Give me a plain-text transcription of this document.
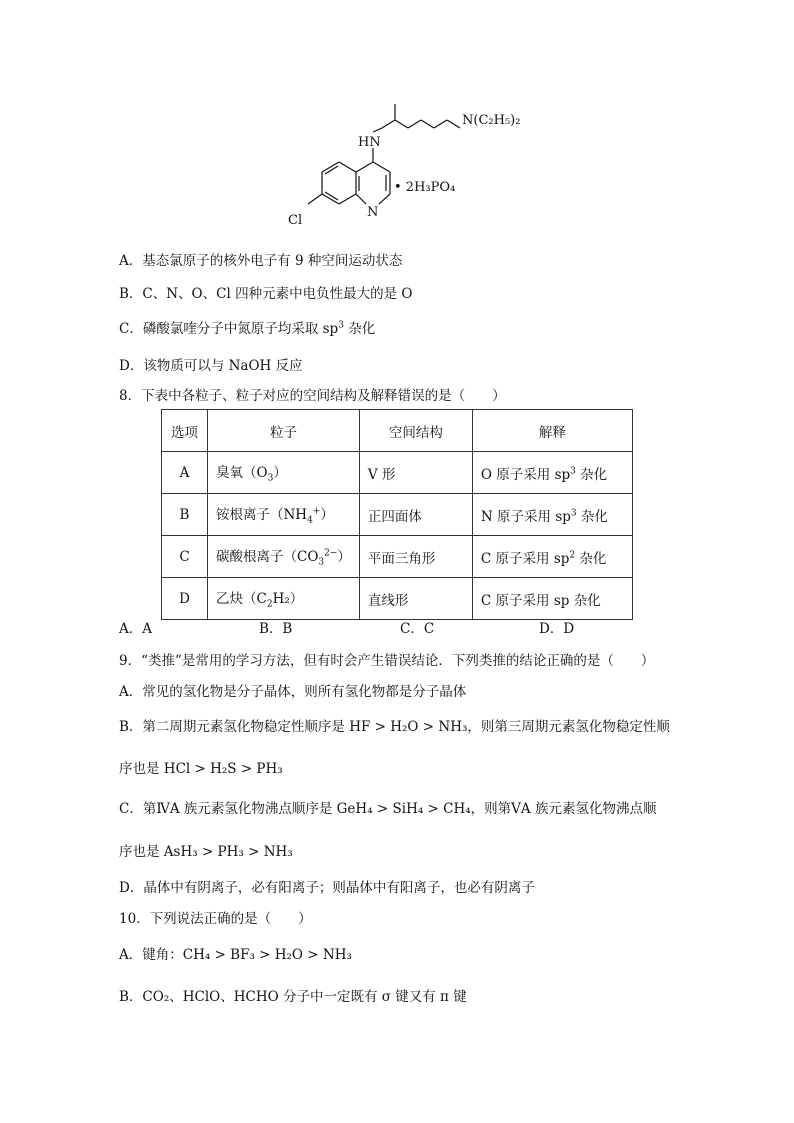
N(C₂H₅)₂
HN
N
Cl
• 2H₃PO₄
A．基态氯原子的核外电子有 9 种空间运动状态
B．C、N、O、Cl 四种元素中电负性最大的是 O
C．磷酸氯喹分子中氮原子均采取 $sp^3$ 杂化
D．该物质可以与 NaOH 反应
8．下表中各粒子、粒子对应的空间结构及解释错误的是（　　）
选项	粒子	空间结构	解释
A	臭氧$(O_3)$	V 形	O 原子采用 $sp^3$ 杂化
B	铵根离子$(NH_4^+)$	正四面体	N 原子采用 $sp^3$ 杂化
C	碳酸根离子$(CO_3^{2-})$	平面三角形	C 原子采用 $sp^2$ 杂化
D	乙炔$(C_2H_2)$	直线形	C 原子采用 sp 杂化
A．A	B．B	C．C	D．D
9．“类推”是常用的学习方法，但有时会产生错误结论．下列类推的结论正确的是（　　）
A．常见的氢化物是分子晶体，则所有氢化物都是分子晶体
B．第二周期元素氢化物稳定性顺序是 HF > H₂O > NH₃，则第三周期元素氢化物稳定性顺
序也是 HCl > H₂S > PH₃
C．第ⅣA 族元素氢化物沸点顺序是 GeH₄ > SiH₄ > CH₄，则第ⅤA 族元素氢化物沸点顺
序也是 AsH₃ > PH₃ > NH₃
D．晶体中有阴离子，必有阳离子；则晶体中有阳离子，也必有阴离子
10．下列说法正确的是（　　）
A．键角：CH₄ > BF₃ > H₂O > NH₃
B．CO₂、HClO、HCHO 分子中一定既有 σ 键又有 π 键
